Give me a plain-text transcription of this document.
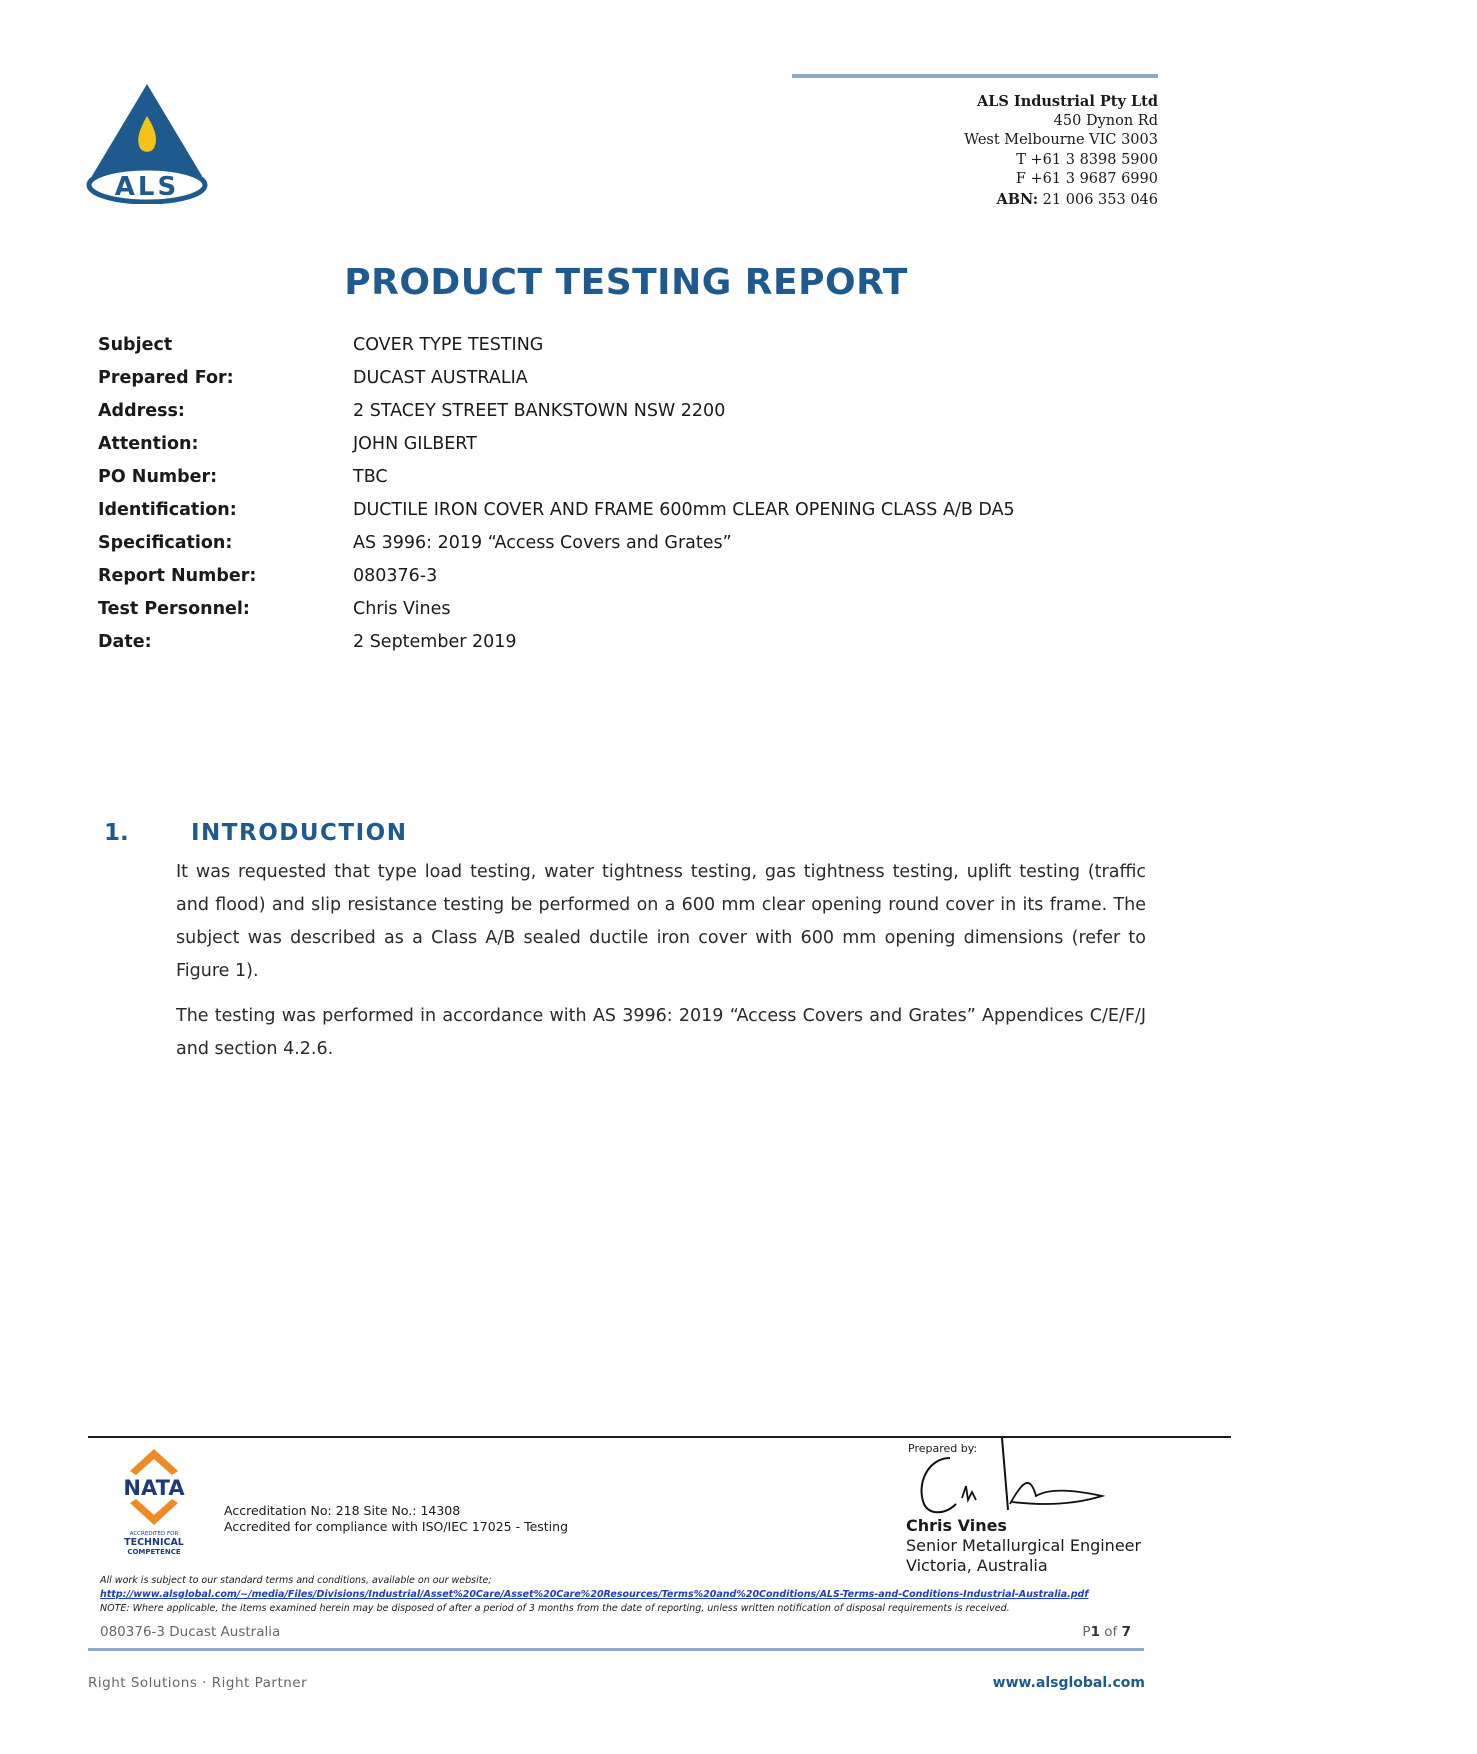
ALS
ALS Industrial Pty Ltd
450 Dynon Rd
West Melbourne VIC 3003
T +61 3 8398 5900
F +61 3 9687 6990
ABN: 21 006 353 046
PRODUCT TESTING REPORT
Subject	COVER TYPE TESTING
Prepared For:	DUCAST AUSTRALIA
Address:	2 STACEY STREET BANKSTOWN NSW 2200
Attention:	JOHN GILBERT
PO Number:	TBC
Identification:	DUCTILE IRON COVER AND FRAME 600mm CLEAR OPENING CLASS A/B DA5
Specification:	AS 3996: 2019 “Access Covers and Grates”
Report Number:	080376-3
Test Personnel:	Chris Vines
Date:	2 September 2019
1.	INTRODUCTION

It was requested that type load testing, water tightness testing, gas tightness testing, uplift testing (traffic and flood) and slip resistance testing be performed on a 600 mm clear opening round cover in its frame. The subject was described as a Class A/B sealed ductile iron cover with 600 mm opening dimensions (refer to Figure 1).

The testing was performed in accordance with AS 3996: 2019 “Access Covers and Grates” Appendices C/E/F/J and section 4.2.6.

NATA
ACCREDITED FOR
TECHNICAL
COMPETENCE
Accreditation No: 218 Site No.: 14308
Accredited for compliance with ISO/IEC 17025 - Testing
Prepared by:
Chris Vines
Senior Metallurgical Engineer
Victoria, Australia
All work is subject to our standard terms and conditions, available on our website;
http://www.alsglobal.com/~/media/Files/Divisions/Industrial/Asset%20Care/Asset%20Care%20Resources/Terms%20and%20Conditions/ALS-Terms-and-Conditions-Industrial-Australia.pdf
NOTE: Where applicable, the items examined herein may be disposed of after a period of 3 months from the date of reporting, unless written notification of disposal requirements is received.
080376-3 Ducast Australia	P1 of 7
Right Solutions · Right Partner	www.alsglobal.com
